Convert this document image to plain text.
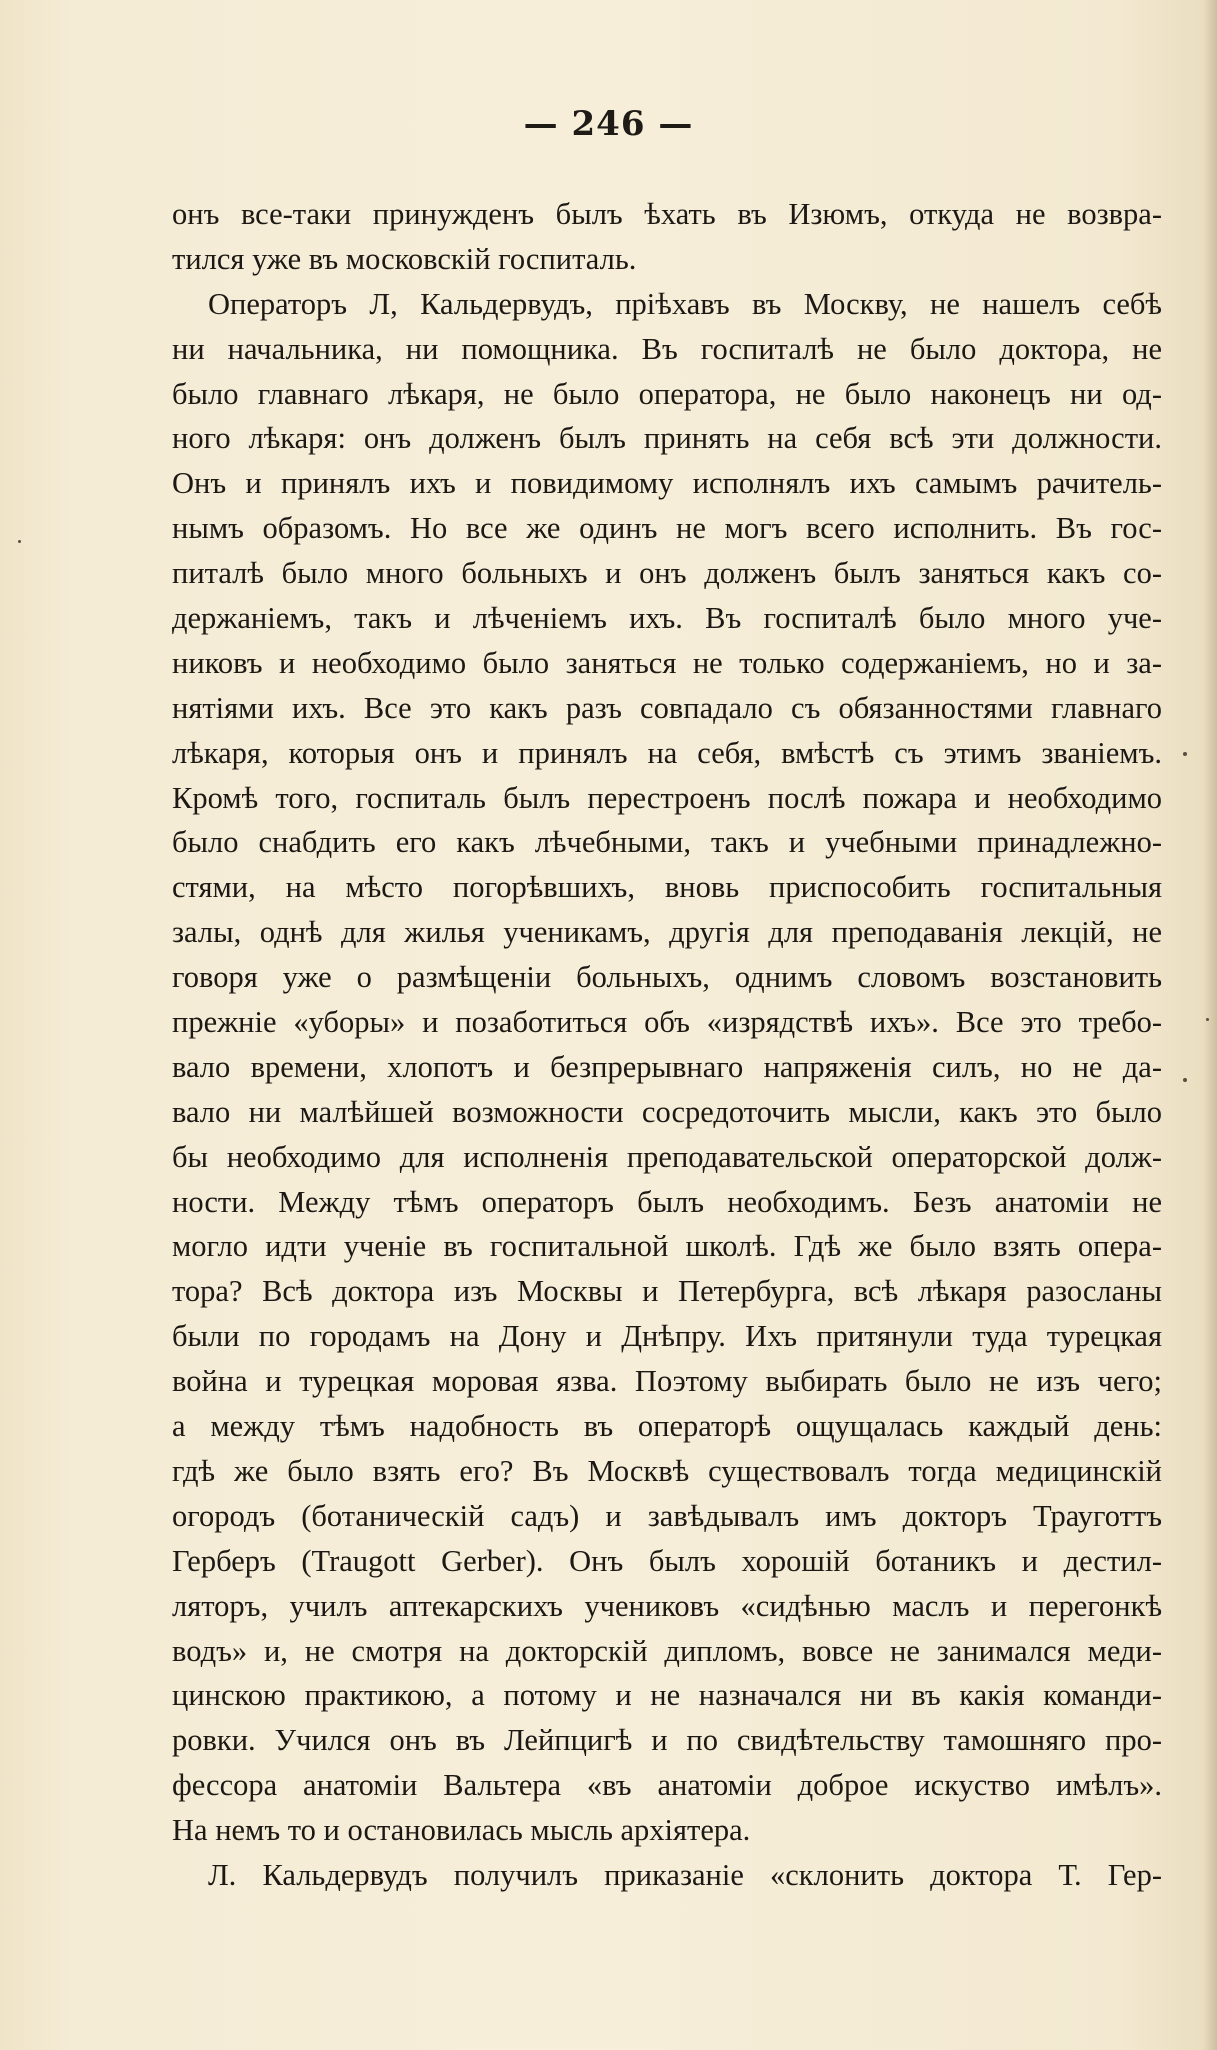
— 246 —
онъ все-таки принужденъ былъ ѣхать въ Изюмъ, откуда не возвра-
тился уже въ московскій госпиталь.
Операторъ Л, Кальдервудъ, пріѣхавъ въ Москву, не нашелъ себѣ
ни начальника, ни помощника. Въ госпиталѣ не было доктора, не
было главнаго лѣкаря, не было оператора, не было наконецъ ни од-
ного лѣкаря: онъ долженъ былъ принять на себя всѣ эти должности.
Онъ и принялъ ихъ и повидимому исполнялъ ихъ самымъ рачитель-
нымъ образомъ. Но все же одинъ не могъ всего исполнить. Въ гос-
питалѣ было много больныхъ и онъ долженъ былъ заняться какъ со-
держаніемъ, такъ и лѣченіемъ ихъ. Въ госпиталѣ было много уче-
никовъ и необходимо было заняться не только содержаніемъ, но и за-
нятіями ихъ. Все это какъ разъ совпадало съ обязанностями главнаго
лѣкаря, которыя онъ и принялъ на себя, вмѣстѣ съ этимъ званіемъ.
Кромѣ того, госпиталь былъ перестроенъ послѣ пожара и необходимо
было снабдить его какъ лѣчебными, такъ и учебными принадлежно-
стями, на мѣсто погорѣвшихъ, вновь приспособить госпитальныя
залы, однѣ для жилья ученикамъ, другія для преподаванія лекцій, не
говоря уже о размѣщеніи больныхъ, однимъ словомъ возстановить
прежніе «уборы» и позаботиться объ «изрядствѣ ихъ». Все это требо-
вало времени, хлопотъ и безпрерывнаго напряженія силъ, но не да-
вало ни малѣйшей возможности сосредоточить мысли, какъ это было
бы необходимо для исполненія преподавательской операторской долж-
ности. Между тѣмъ операторъ былъ необходимъ. Безъ анатоміи не
могло идти ученіе въ госпитальной школѣ. Гдѣ же было взять опера-
тора? Всѣ доктора изъ Москвы и Петербурга, всѣ лѣкаря разосланы
были по городамъ на Дону и Днѣпру. Ихъ притянули туда турецкая
война и турецкая моровая язва. Поэтому выбирать было не изъ чего;
а между тѣмъ надобность въ операторѣ ощущалась каждый день:
гдѣ же было взять его? Въ Москвѣ существовалъ тогда медицинскій
огородъ (ботаническій садъ) и завѣдывалъ имъ докторъ Трауготтъ
Герберъ (Traugott Gerber). Онъ былъ хорошій ботаникъ и дестил-
ляторъ, училъ аптекарскихъ учениковъ «сидѣнью маслъ и перегонкѣ
водъ» и, не смотря на докторскій дипломъ, вовсе не занимался меди-
цинскою практикою, а потому и не назначался ни въ какія команди-
ровки. Учился онъ въ Лейпцигѣ и по свидѣтельству тамошняго про-
фессора анатоміи Вальтера «въ анатоміи доброе искуство имѣлъ».
На немъ то и остановилась мысль архіятера.
Л. Кальдервудъ получилъ приказаніе «склонить доктора Т. Гер-
